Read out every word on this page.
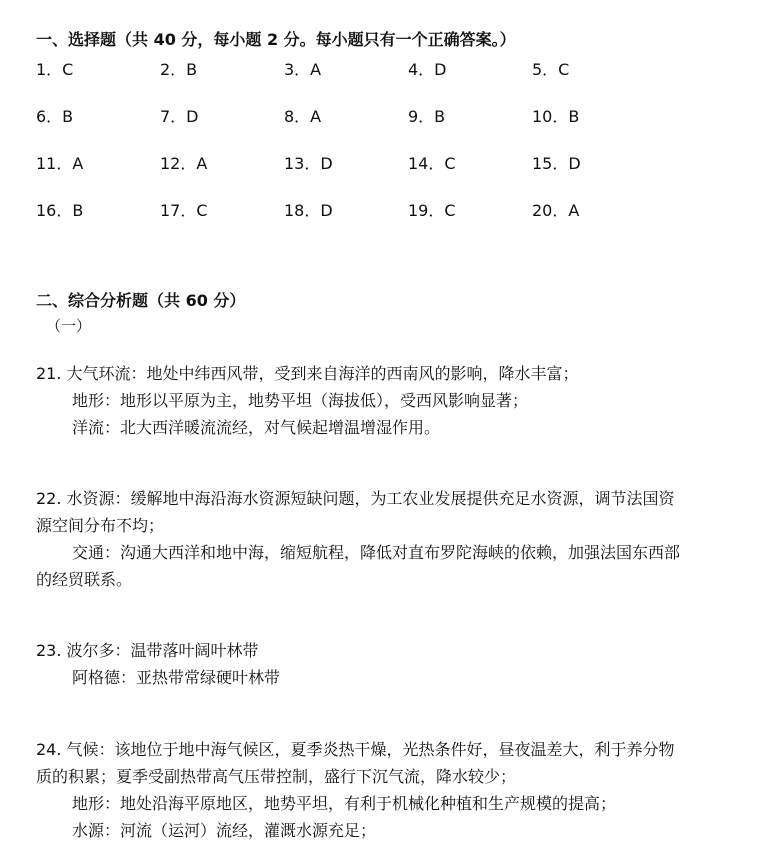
一、选择题（共 40 分，每小题 2 分。每小题只有一个正确答案。）
1．C	2．B	3．A	4．D	5．C
6．B	7．D	8．A	9．B	10．B
11．A	12．A	13．D	14．C	15．D
16．B	17．C	18．D	19．C	20．A
二、综合分析题（共 60 分）
（一）
21. 大气环流：地处中纬西风带，受到来自海洋的西南风的影响，降水丰富；
地形：地形以平原为主，地势平坦（海拔低），受西风影响显著；
洋流：北大西洋暖流流经，对气候起增温增湿作用。
22. 水资源：缓解地中海沿海水资源短缺问题，为工农业发展提供充足水资源，调节法国资
源空间分布不均；
交通：沟通大西洋和地中海，缩短航程，降低对直布罗陀海峡的依赖，加强法国东西部
的经贸联系。
23. 波尔多：温带落叶阔叶林带
阿格德：亚热带常绿硬叶林带
24. 气候：该地位于地中海气候区，夏季炎热干燥，光热条件好，昼夜温差大，利于养分物
质的积累；夏季受副热带高气压带控制，盛行下沉气流，降水较少；
地形：地处沿海平原地区，地势平坦，有利于机械化种植和生产规模的提高；
水源：河流（运河）流经，灌溉水源充足；
